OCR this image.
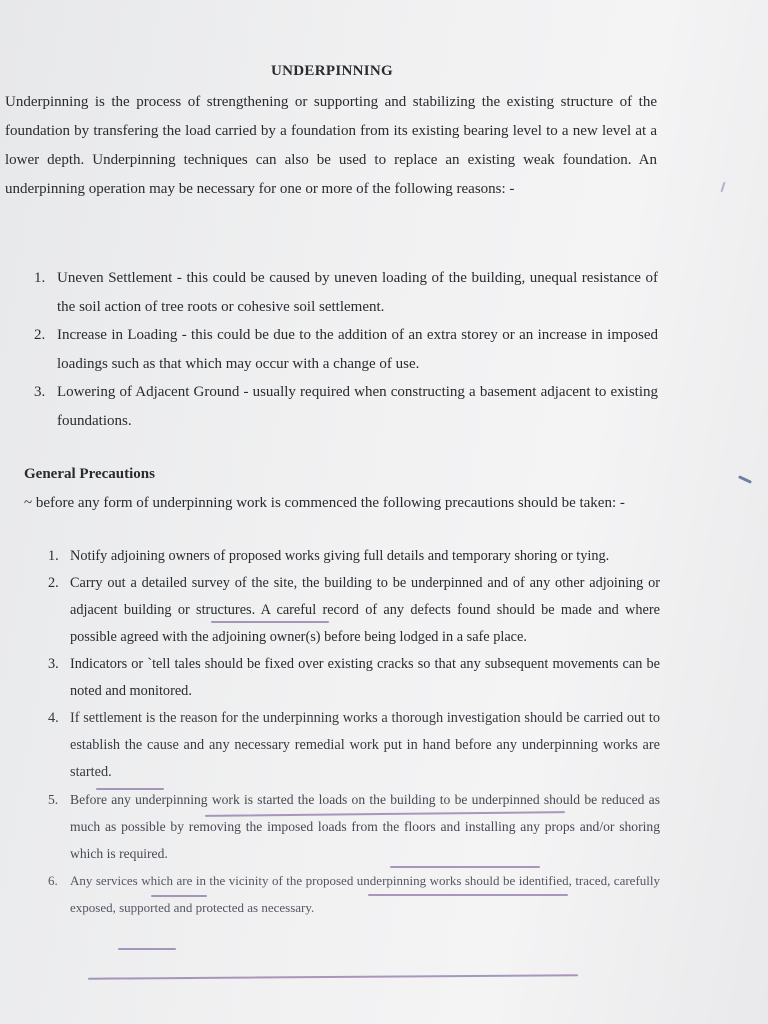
UNDERPINNING
Underpinning is the process of strengthening or supporting and stabilizing the existing structure of the foundation by transfering the load carried by a foundation from its existing bearing level to a new level at a lower depth. Underpinning techniques can also be used to replace an existing weak foundation. An underpinning operation may be necessary for one or more of the following reasons: -
1. Uneven Settlement - this could be caused by uneven loading of the building, unequal resistance of the soil action of tree roots or cohesive soil settlement.
2. Increase in Loading - this could be due to the addition of an extra storey or an increase in imposed loadings such as that which may occur with a change of use.
3. Lowering of Adjacent Ground - usually required when constructing a basement adjacent to existing foundations.
General Precautions
~ before any form of underpinning work is commenced the following precautions should be taken: -
1. Notify adjoining owners of proposed works giving full details and temporary shoring or tying.
2. Carry out a detailed survey of the site, the building to be underpinned and of any other adjoining or adjacent building or structures. A careful record of any defects found should be made and where possible agreed with the adjoining owner(s) before being lodged in a safe place.
3. Indicators or `tell tales should be fixed over existing cracks so that any subsequent movements can be noted and monitored.
4. If settlement is the reason for the underpinning works a thorough investigation should be carried out to establish the cause and any necessary remedial work put in hand before any underpinning works are started.
5. Before any underpinning work is started the loads on the building to be underpinned should be reduced as much as possible by removing the imposed loads from the floors and installing any props and/or shoring which is required.
6. Any services which are in the vicinity of the proposed underpinning works should be identified, traced, carefully exposed, supported and protected as necessary.
